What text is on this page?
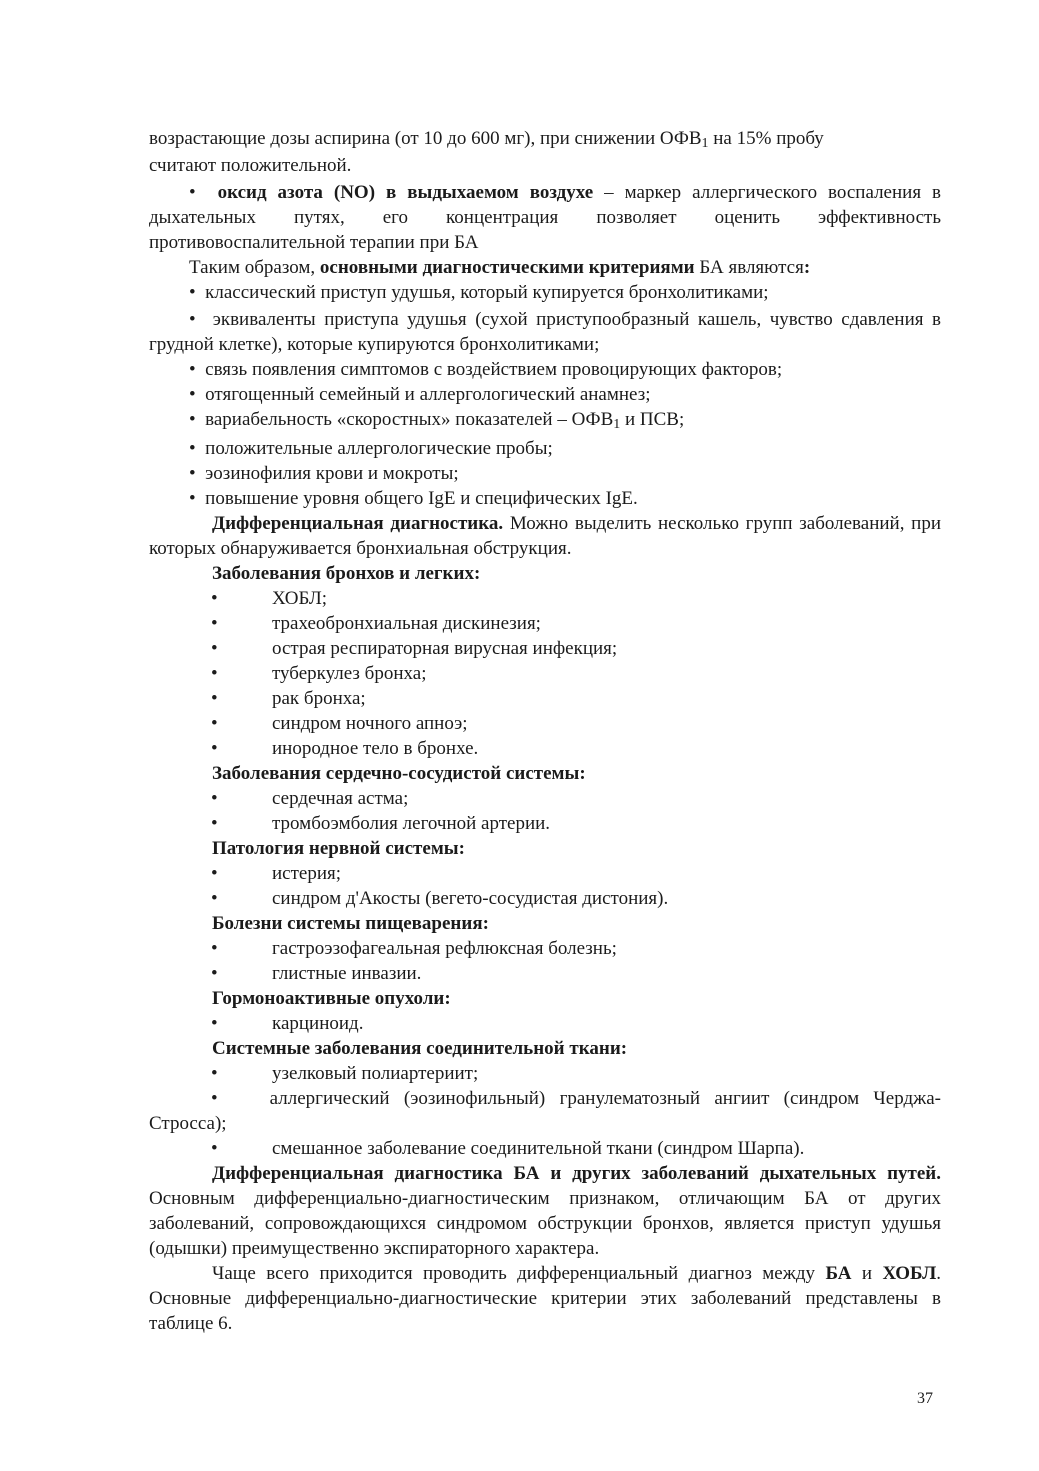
возрастающие дозы аспирина (от 10 до 600 мг), при снижении $ОФВ_1$ на 15% пробу

считают положительной.

• оксид азота (NO) в выдыхаемом воздухе – маркер аллергического воспаления в дыхательных путях, его концентрация позволяет оценить эффективность противовоспалительной терапии при БА

Таким образом, основными диагностическими критериями БА являются:

• классический приступ удушья, который купируется бронхолитиками;

• эквиваленты приступа удушья (сухой приступообразный кашель, чувство сдавления в грудной клетке), которые купируются бронхолитиками;

• связь появления симптомов с воздействием провоцирующих факторов;

• отягощенный семейный и аллергологический анамнез;

• вариабельность «скоростных» показателей – $ОФВ_1$ и ПСВ;

• положительные аллергологические пробы;

• эозинофилия крови и мокроты;

• повышение уровня общего IgE и специфических IgE.

Дифференциальная диагностика. Можно выделить несколько групп заболеваний, при которых обнаруживается бронхиальная обструкция.

Заболевания бронхов и легких:

•	ХОБЛ;

•	трахеобронхиальная дискинезия;

•	острая респираторная вирусная инфекция;

•	туберкулез бронха;

•	рак бронха;

•	синдром ночного апноэ;

•	инородное тело в бронхе.

Заболевания сердечно-сосудистой системы:

•	сердечная астма;

•	тромбоэмболия легочной артерии.

Патология нервной системы:

•	истерия;

•	синдром д'Акосты (вегето-сосудистая дистония).

Болезни системы пищеварения:

•	гастроэзофагеальная рефлюксная болезнь;

•	глистные инвазии.

Гормоноактивные опухоли:

•	карциноид.

Системные заболевания соединительной ткани:

•	узелковый полиартериит;

•	аллергический (эозинофильный) гранулематозный ангиит (синдром Черджа-Стросса);

•	смешанное заболевание соединительной ткани (синдром Шарпа).

Дифференциальная диагностика БА и других заболеваний дыхательных путей. Основным дифференциально-диагностическим признаком, отличающим БА от других заболеваний, сопровождающихся синдромом обструкции бронхов, является приступ удушья (одышки) преимущественно экспираторного характера.

Чаще всего приходится проводить дифференциальный диагноз между БА и ХОБЛ. Основные дифференциально-диагностические критерии этих заболеваний представлены в таблице 6.

37
